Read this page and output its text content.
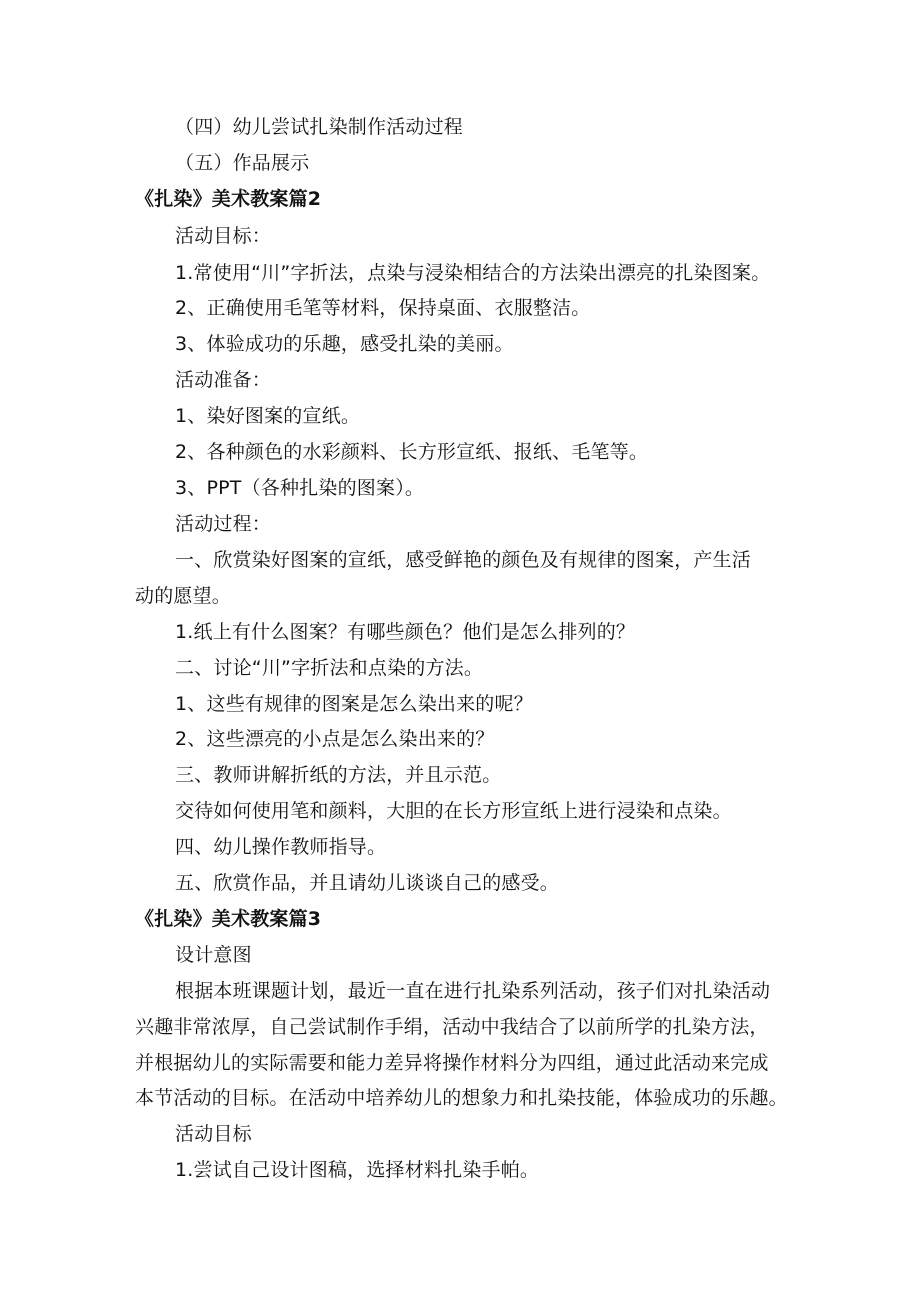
（四）幼儿尝试扎染制作活动过程

（五）作品展示

《扎染》美术教案篇2

活动目标：

1.常使用“川”字折法，点染与浸染相结合的方法染出漂亮的扎染图案。

2、正确使用毛笔等材料，保持桌面、衣服整洁。

3、体验成功的乐趣，感受扎染的美丽。

活动准备：

1、染好图案的宣纸。

2、各种颜色的水彩颜料、长方形宣纸、报纸、毛笔等。

3、PPT（各种扎染的图案）。

活动过程：

一、欣赏染好图案的宣纸，感受鲜艳的颜色及有规律的图案，产生活

动的愿望。

1.纸上有什么图案？有哪些颜色？他们是怎么排列的？

二、讨论“川”字折法和点染的方法。

1、这些有规律的图案是怎么染出来的呢？

2、这些漂亮的小点是怎么染出来的？

三、教师讲解折纸的方法，并且示范。

交待如何使用笔和颜料，大胆的在长方形宣纸上进行浸染和点染。

四、幼儿操作教师指导。

五、欣赏作品，并且请幼儿谈谈自己的感受。

《扎染》美术教案篇3

设计意图

根据本班课题计划，最近一直在进行扎染系列活动，孩子们对扎染活动

兴趣非常浓厚，自己尝试制作手绢，活动中我结合了以前所学的扎染方法，

并根据幼儿的实际需要和能力差异将操作材料分为四组，通过此活动来完成

本节活动的目标。在活动中培养幼儿的想象力和扎染技能，体验成功的乐趣。

活动目标

1.尝试自己设计图稿，选择材料扎染手帕。
